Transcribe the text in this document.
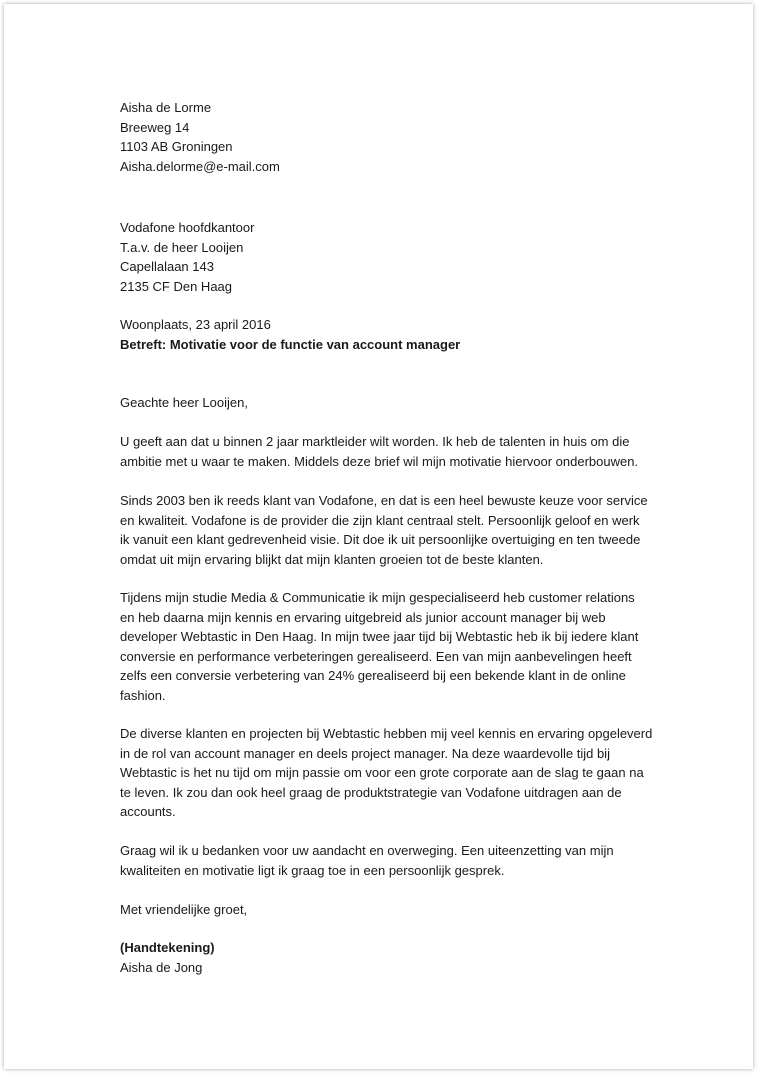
Aisha de Lorme
Breeweg 14
1103 AB Groningen
Aisha.delorme@e-mail.com
Vodafone hoofdkantoor
T.a.v. de heer Looijen
Capellalaan 143
2135 CF Den Haag
Woonplaats, 23 april 2016
Betreft: Motivatie voor de functie van account manager
Geachte heer Looijen,
U geeft aan dat u binnen 2 jaar marktleider wilt worden. Ik heb de talenten in huis om die
ambitie met u waar te maken. Middels deze brief wil mijn motivatie hiervoor onderbouwen.
Sinds 2003 ben ik reeds klant van Vodafone, en dat is een heel bewuste keuze voor service
en kwaliteit. Vodafone is de provider die zijn klant centraal stelt. Persoonlijk geloof en werk
ik vanuit een klant gedrevenheid visie. Dit doe ik uit persoonlijke overtuiging en ten tweede
omdat uit mijn ervaring blijkt dat mijn klanten groeien tot de beste klanten.
Tijdens mijn studie Media & Communicatie ik mijn gespecialiseerd heb customer relations
en heb daarna mijn kennis en ervaring uitgebreid als junior account manager bij web
developer Webtastic in Den Haag. In mijn twee jaar tijd bij Webtastic heb ik bij iedere klant
conversie en performance verbeteringen gerealiseerd. Een van mijn aanbevelingen heeft
zelfs een conversie verbetering van 24% gerealiseerd bij een bekende klant in de online
fashion.
De diverse klanten en projecten bij Webtastic hebben mij veel kennis en ervaring opgeleverd
in de rol van account manager en deels project manager. Na deze waardevolle tijd bij
Webtastic is het nu tijd om mijn passie om voor een grote corporate aan de slag te gaan na
te leven. Ik zou dan ook heel graag de produktstrategie van Vodafone uitdragen aan de
accounts.
Graag wil ik u bedanken voor uw aandacht en overweging. Een uiteenzetting van mijn
kwaliteiten en motivatie ligt ik graag toe in een persoonlijk gesprek.
Met vriendelijke groet,
(Handtekening)
Aisha de Jong
